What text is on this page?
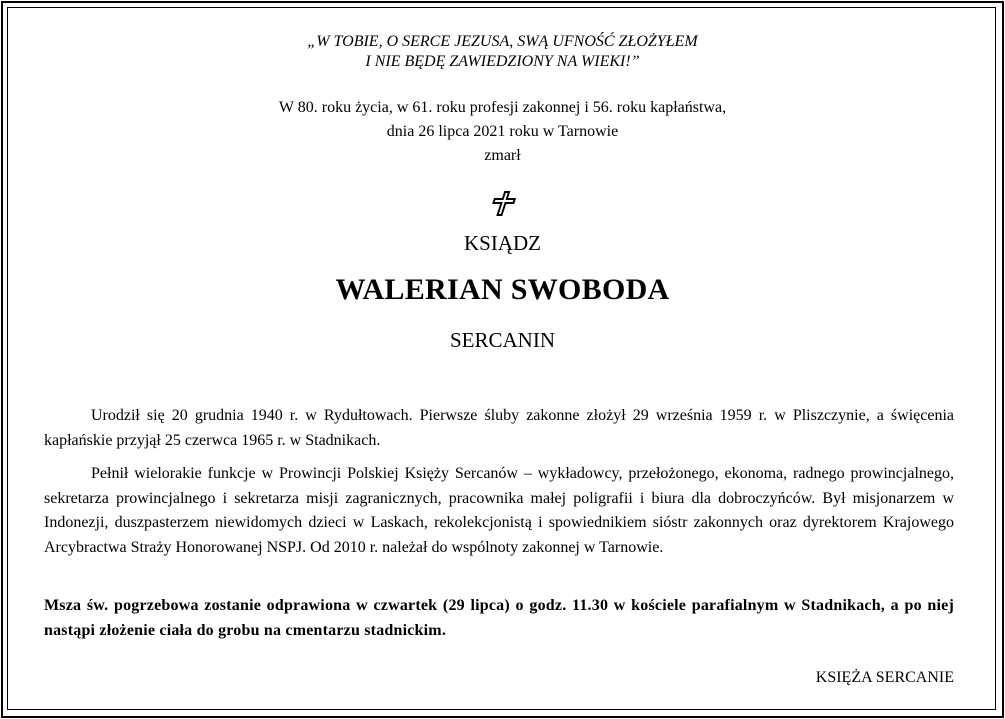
„W TOBIE, O SERCE JEZUSA, SWĄ UFNOŚĆ ZŁOŻYŁEM
I NIE BĘDĘ ZAWIEDZIONY NA WIEKI!”
W 80. roku życia, w 61. roku profesji zakonnej i 56. roku kapłaństwa,
dnia 26 lipca 2021 roku w Tarnowie
zmarł
KSIĄDZ
WALERIAN SWOBODA
SERCANIN
Urodził się 20 grudnia 1940 r. w Rydułtowach. Pierwsze śluby zakonne złożył 29 września 1959 r. w Pliszczynie, a święcenia kapłańskie przyjął 25 czerwca 1965 r. w Stadnikach.
Pełnił wielorakie funkcje w Prowincji Polskiej Księży Sercanów – wykładowcy, przełożonego, ekonoma, radnego prowincjalnego, sekretarza prowincjalnego i sekretarza misji zagranicznych, pracownika małej poligrafii i biura dla dobroczyńców. Był misjonarzem w Indonezji, duszpasterzem niewidomych dzieci w Laskach, rekolekcjonistą i spowiednikiem sióstr zakonnych oraz dyrektorem Krajowego Arcybractwa Straży Honorowanej NSPJ. Od 2010 r. należał do wspólnoty zakonnej w Tarnowie.
Msza św. pogrzebowa zostanie odprawiona w czwartek (29 lipca) o godz. 11.30 w kościele parafialnym w Stadnikach, a po niej nastąpi złożenie ciała do grobu na cmentarzu stadnickim.
KSIĘŻA SERCANIE
